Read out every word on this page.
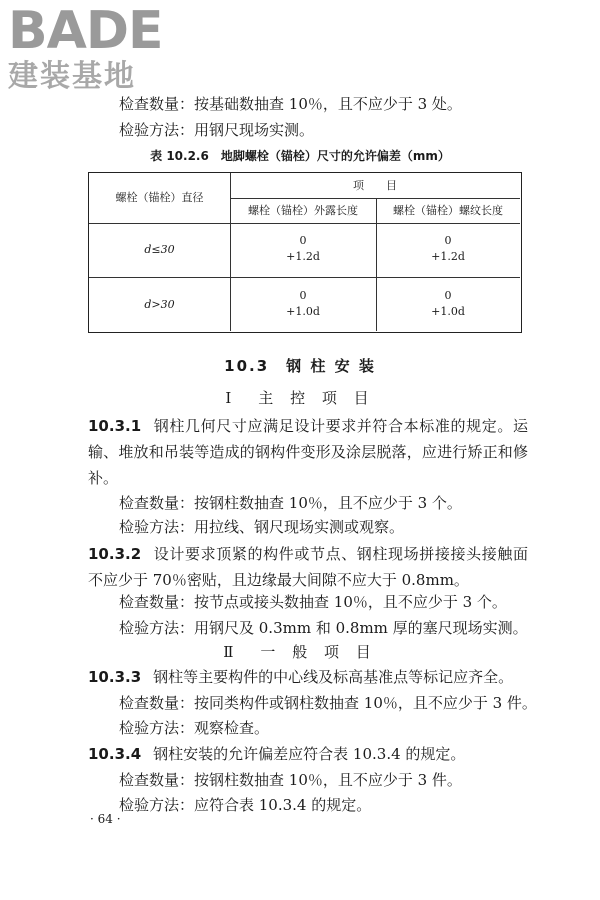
BADE
建装基地
检查数量：按基础数抽查 10％，且不应少于 3 处。
检验方法：用钢尺现场实测。
表 10.2.6　地脚螺栓（锚栓）尺寸的允许偏差（mm）
螺栓（锚栓）直径
项　　目
螺栓（锚栓）外露长度	螺栓（锚栓）螺纹长度
d≤30
0
+1.2d
0
+1.2d
d>30
0
+1.0d
0
+1.0d
10.3　钢 柱 安 装
Ⅰ　主 控 项 目
10.3.1 钢柱几何尺寸应满足设计要求并符合本标准的规定。运输、堆放和吊装等造成的钢构件变形及涂层脱落，应进行矫正和修补。
检查数量：按钢柱数抽查 10％，且不应少于 3 个。
检验方法：用拉线、钢尺现场实测或观察。
10.3.2 设计要求顶紧的构件或节点、钢柱现场拼接接头接触面不应少于 70％密贴，且边缘最大间隙不应大于 0.8mm。
检查数量：按节点或接头数抽查 10％，且不应少于 3 个。
检验方法：用钢尺及 0.3mm 和 0.8mm 厚的塞尺现场实测。
Ⅱ　一 般 项 目
10.3.3 钢柱等主要构件的中心线及标高基准点等标记应齐全。
检查数量：按同类构件或钢柱数抽查 10％，且不应少于 3 件。
检验方法：观察检查。
10.3.4 钢柱安装的允许偏差应符合表 10.3.4 的规定。
检查数量：按钢柱数抽查 10％，且不应少于 3 件。
检验方法：应符合表 10.3.4 的规定。
· 64 ·
